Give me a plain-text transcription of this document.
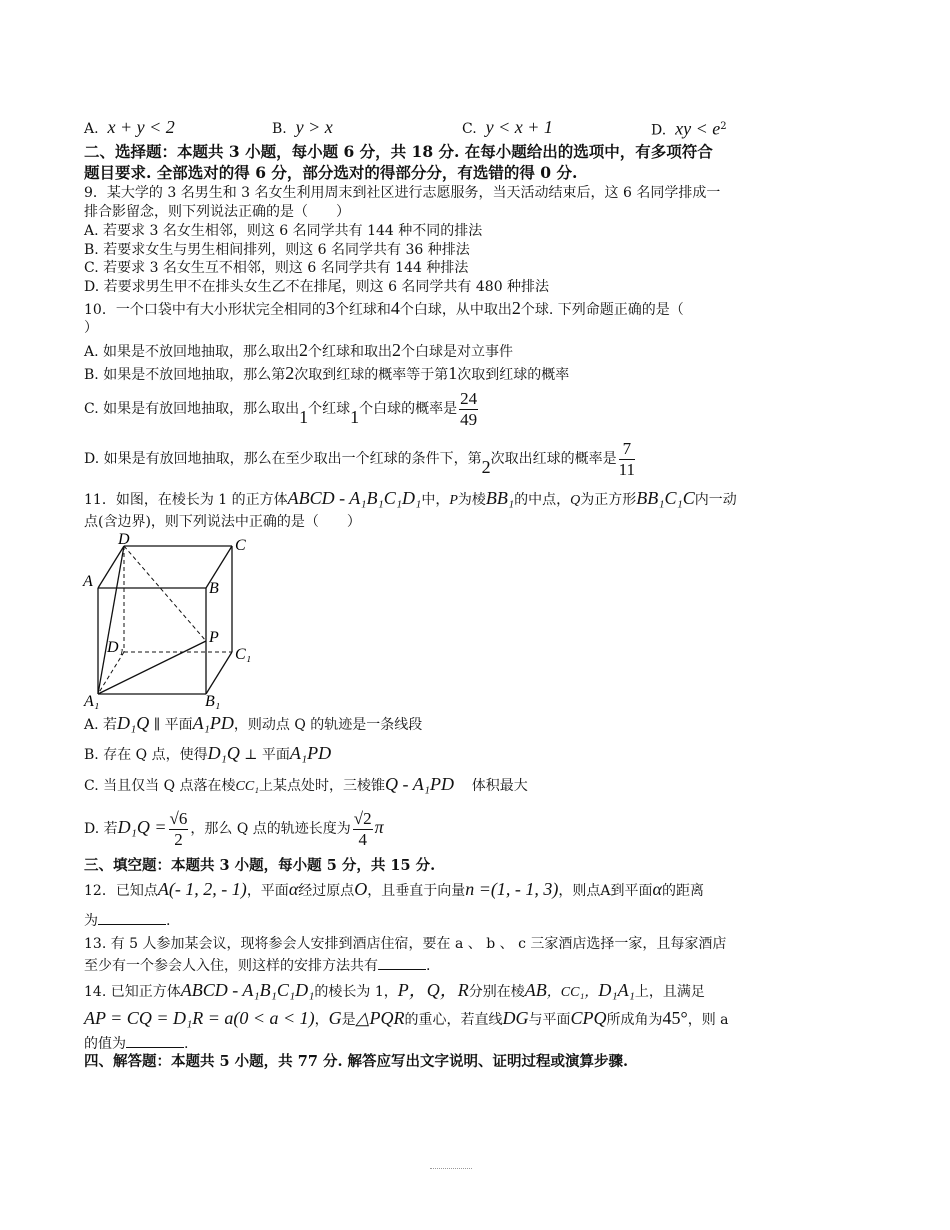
A. x + y < 2	B. y > x	C. y < x + 1	D. xy < $e^2$
二、选择题：本题共 3 小题，每小题 6 分，共 18 分. 在每小题给出的选项中，有多项符合
题目要求. 全部选对的得 6 分，部分选对的得部分分，有选错的得 0 分.
9．某大学的 3 名男生和 3 名女生利用周末到社区进行志愿服务，当天活动结束后，这 6 名同学排成一
排合影留念，则下列说法正确的是（　　）
A. 若要求 3 名女生相邻，则这 6 名同学共有 144 种不同的排法
B. 若要求女生与男生相间排列，则这 6 名同学共有 36 种排法
C. 若要求 3 名女生互不相邻，则这 6 名同学共有 144 种排法
D. 若要求男生甲不在排头女生乙不在排尾，则这 6 名同学共有 480 种排法
10．一个口袋中有大小形状完全相同的3个红球和4个白球，从中取出2个球. 下列命题正确的是（
）
A. 如果是不放回地抽取，那么取出2个红球和取出2个白球是对立事件
B. 如果是不放回地抽取，那么第2次取到红球的概率等于第1次取到红球的概率
C. 如果是有放回地抽取，那么取出1个红球1个白球的概率是 $\frac{24}{49}$
D. 如果是有放回地抽取，那么在至少取出一个红球的条件下，第2次取出红球的概率是 $\frac{7}{11}$
11．如图，在棱长为 1 的正方体ABCD - A₁B₁C₁D₁中，P为棱BB₁的中点，Q为正方形BB₁C₁C内一动
点(含边界)，则下列说法中正确的是（　　）
D	C
A	B
P
D₁	C₁
A₁	B₁
A. 若D₁Q ∥ 平面A₁PD，则动点 Q 的轨迹是一条线段
B. 存在 Q 点，使得D₁Q ⊥ 平面A₁PD
C. 当且仅当 Q 点落在棱CC₁上某点处时，三棱锥Q - A₁PD 体积最大
D. 若$D_1Q = \frac{√6}{2}$ ，那么 Q 点的轨迹长度为 $\frac{√2}{4}$ π
三、填空题：本题共 3 小题，每小题 5 分，共 15 分.
12．已知点A(- 1, 2, - 1)，平面α经过原点O，且垂直于向量n =(1, - 1, 3)，则点A到平面α的距离
为	.
13. 有 5 人参加某会议，现将参会人安排到酒店住宿，要在 a 、 b 、 c 三家酒店选择一家，且每家酒店
至少有一个参会人入住，则这样的安排方法共有	.
14. 已知正方体ABCD - A₁B₁C₁D₁的棱长为 1，P，Q，R分别在棱AB，CC₁，D₁A₁上，且满足
AP = CQ = D₁R = a(0 < a < 1)，G是△PQR的重心，若直线DG与平面CPQ所成角为45°，则 a
的值为	.
四、解答题：本题共 5 小题，共 77 分. 解答应写出文字说明、证明过程或演算步骤.
